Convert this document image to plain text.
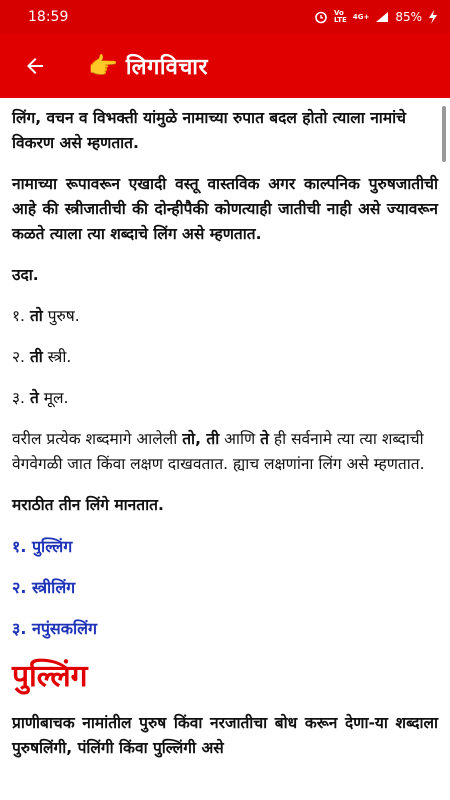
18:59	Vo
LTE 4G+ 85%
👉 लिगविचार

लिंग, वचन व विभक्ती यांमुळे नामाच्या रुपात बदल होतो त्याला नामांचे विकरण असे म्हणतात.

नामाच्या रूपावरून एखादी वस्तू वास्तविक अगर काल्पनिक पुरुषजातीची आहे की स्त्रीजातीची की दोन्हीपैकी कोणत्याही जातीची नाही असे ज्यावरून कळते त्याला त्या शब्दाचे लिंग असे म्हणतात.

उदा.

१. तो पुरुष.

२. ती स्त्री.

३. ते मूल.

वरील प्रत्येक शब्दमागे आलेली तो, ती आणि ते ही सर्वनामे त्या त्या शब्दाची वेगवेगळी जात किंवा लक्षण दाखवतात. ह्याच लक्षणांना लिंग असे म्हणतात.

मराठीत तीन लिंगे मानतात.

१. पुल्लिंग

२. स्त्रीलिंग

३. नपुंसकलिंग

पुल्लिंग

प्राणीबाचक नामांतील पुरुष किंवा नरजातीचा बोध करून देणा-या शब्दाला पुरुषलिंगी, पंलिंगी किंवा पुल्लिंगी असे
